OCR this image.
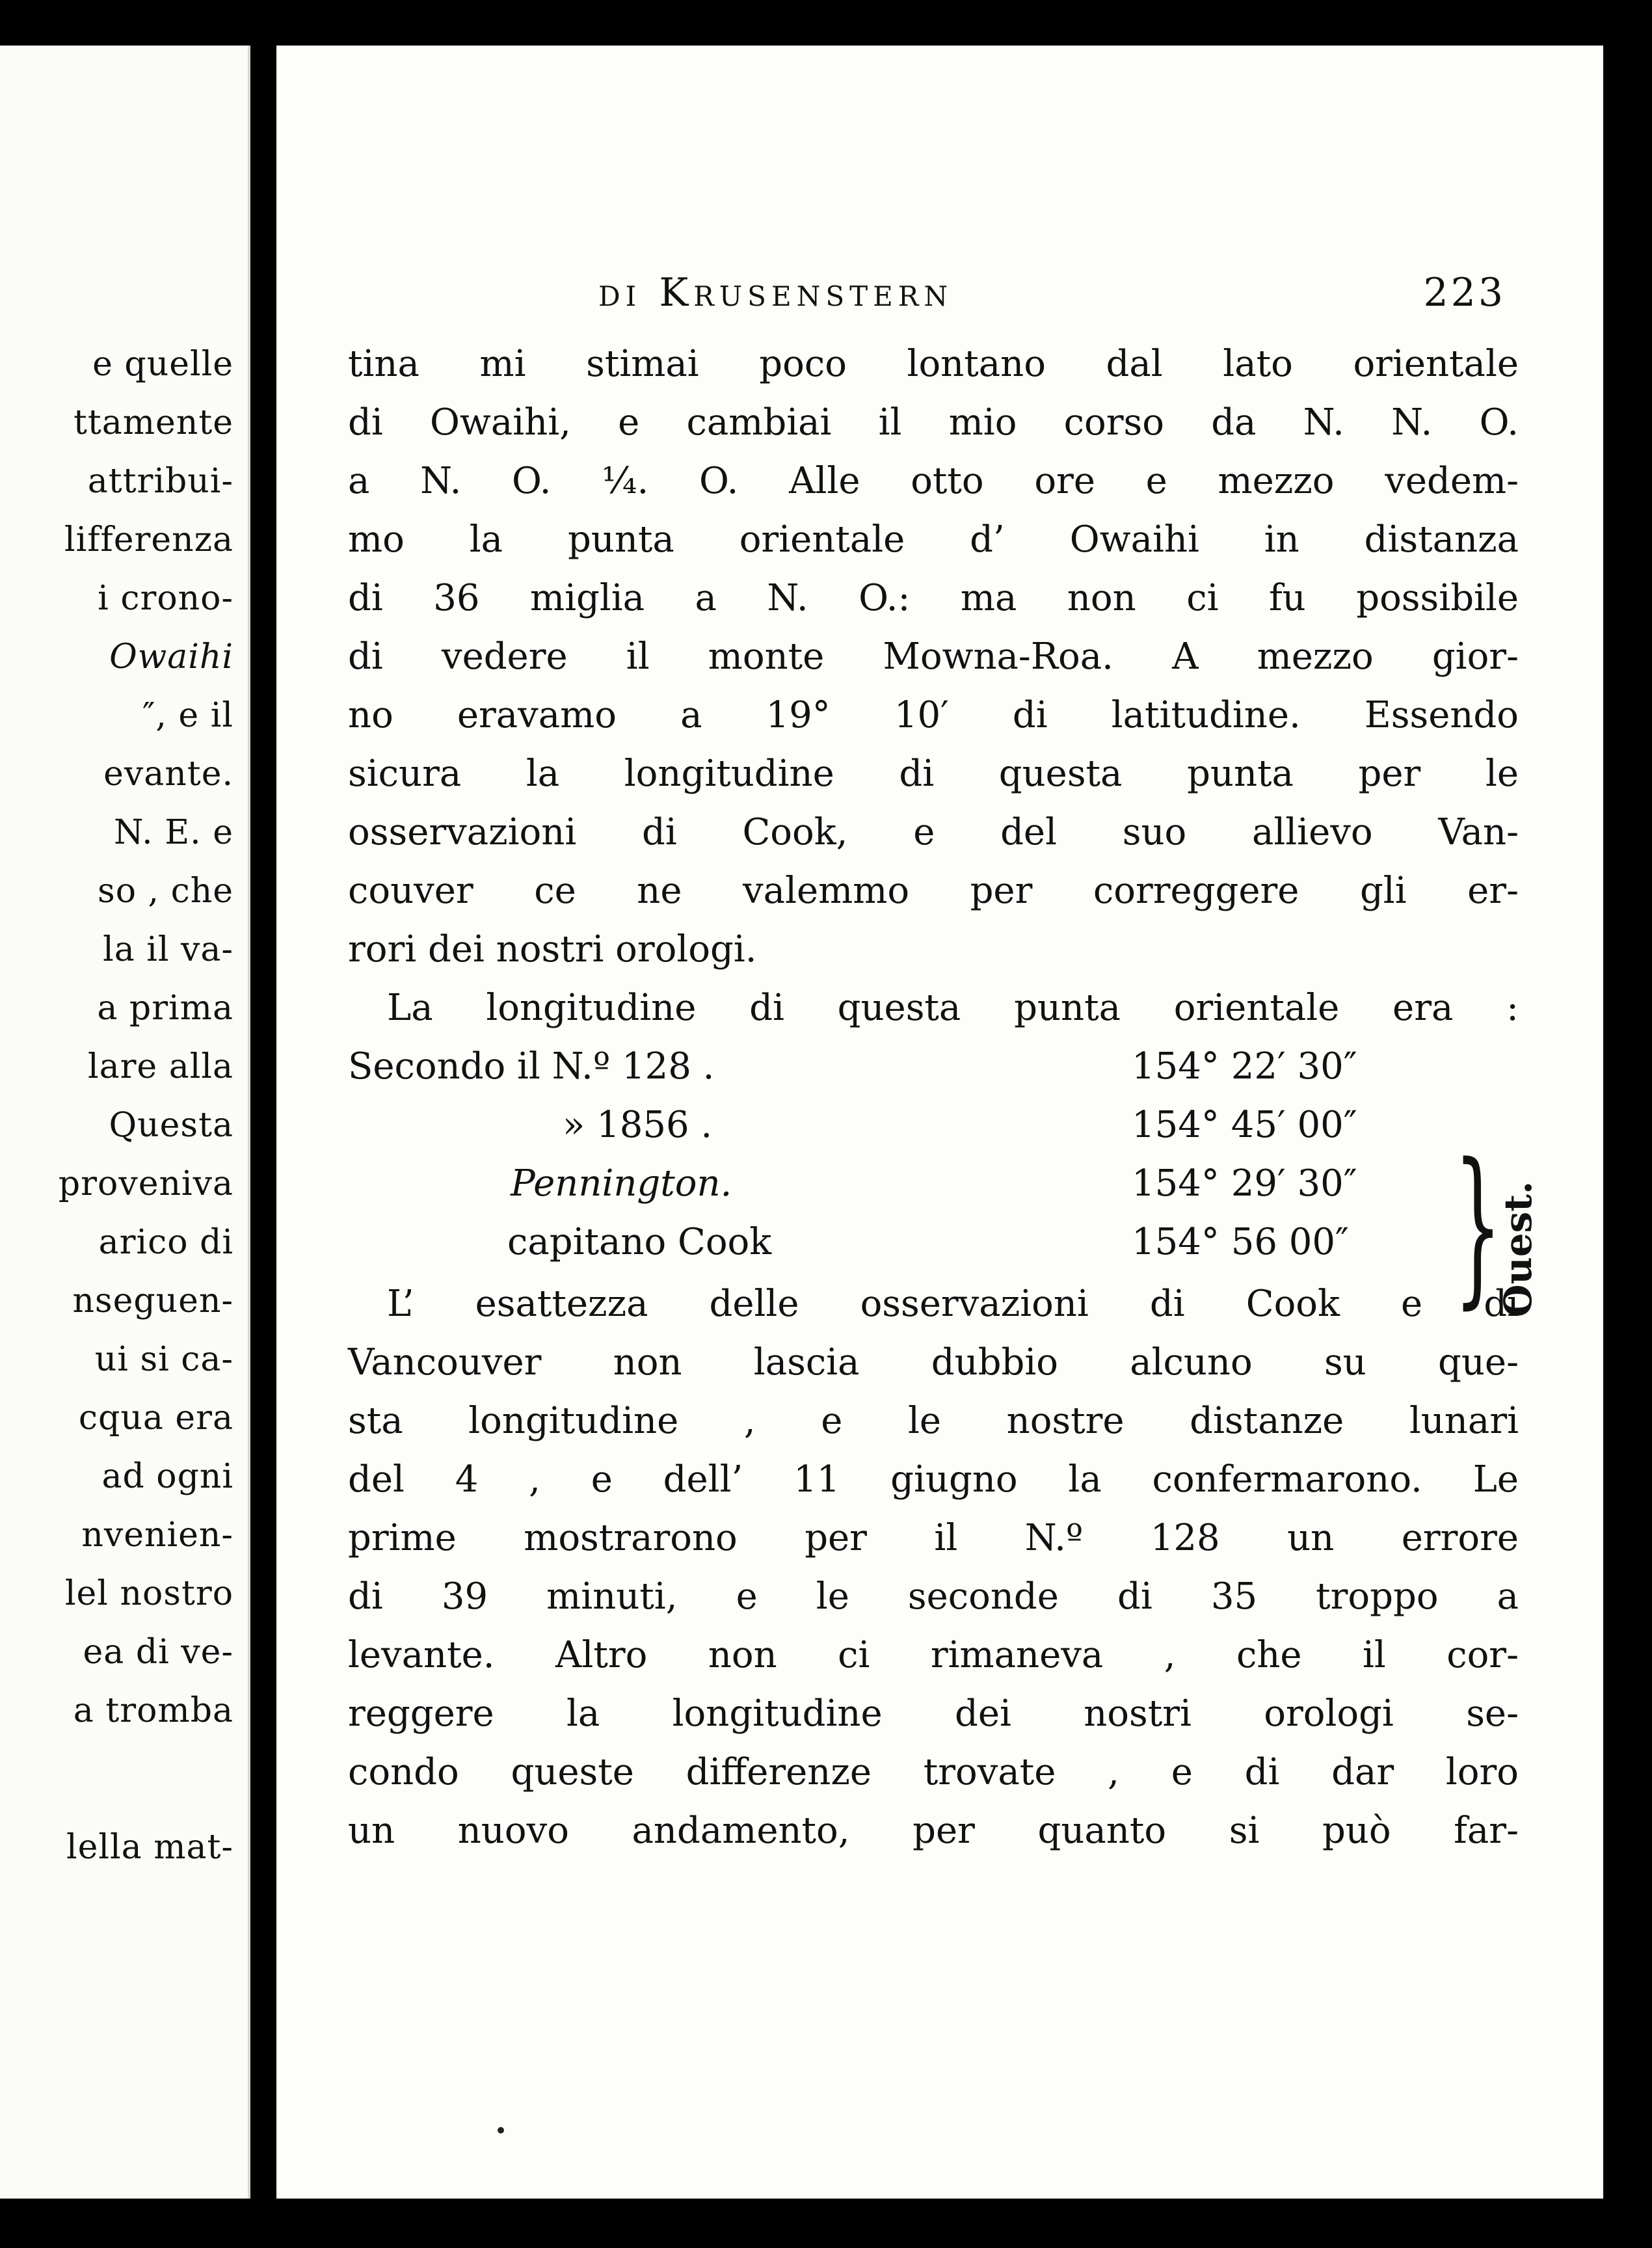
e quelle
ttamente
attribui-
lifferenza
i crono-
Owaihi
″, e il
evante.
N. E. e
so , che
la il va-
a prima
lare alla
Questa
proveniva
arico di
nseguen-
ui si ca-
cqua era
ad ogni
nvenien-
lel nostro
ea di ve-
a tromba
lella mat-
di Krusenstern	223
tina mi stimai poco lontano dal lato orientale
di Owaihi, e cambiai il mio corso da N. N. O.
a N. O. ¼. O. Alle otto ore e mezzo vedem-
mo la punta orientale d’ Owaihi in distanza
di 36 miglia a N. O.: ma non ci fu possibile
di vedere il monte Mowna-Roa. A mezzo gior-
no eravamo a 19° 10′ di latitudine. Essendo
sicura la longitudine di questa punta per le
osservazioni di Cook, e del suo allievo Van-
couver ce ne valemmo per correggere gli er-
rori dei nostri orologi.
La longitudine di questa punta orientale era :
Secondo il N.º 128 .	154° 22′ 30″
» 1856 .	154° 45′ 00″
Pennington.	154° 29′ 30″
capitano Cook	154° 56 00″ }
Ouest.
L’ esattezza delle osservazioni di Cook e di
Vancouver non lascia dubbio alcuno su que-
sta longitudine , e le nostre distanze lunari
del 4 , e dell’ 11 giugno la confermarono. Le
prime mostrarono per il N.º 128 un errore
di 39 minuti, e le seconde di 35 troppo a
levante. Altro non ci rimaneva , che il cor-
reggere la longitudine dei nostri orologi se-
condo queste differenze trovate , e di dar loro
un nuovo andamento, per quanto si può far-
